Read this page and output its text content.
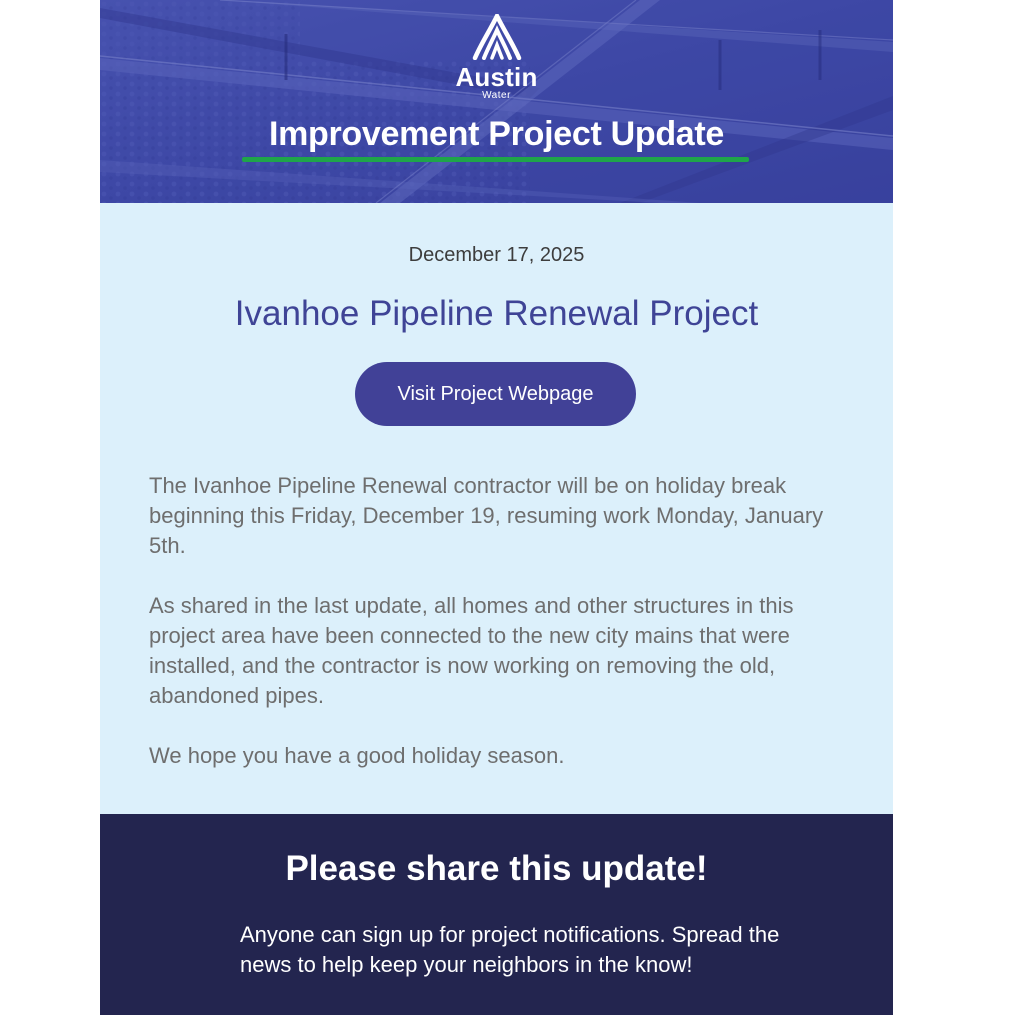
Austin
Water
Improvement Project Update
December 17, 2025
Ivanhoe Pipeline Renewal Project
Visit Project Webpage

The Ivanhoe Pipeline Renewal contractor will be on holiday break beginning this Friday, December 19, resuming work Monday, January 5th.

As shared in the last update, all homes and other structures in this project area have been connected to the new city mains that were installed, and the contractor is now working on removing the old, abandoned pipes.

We hope you have a good holiday season.

Please share this update!
Anyone can sign up for project notifications. Spread the news to help keep your neighbors in the know!
